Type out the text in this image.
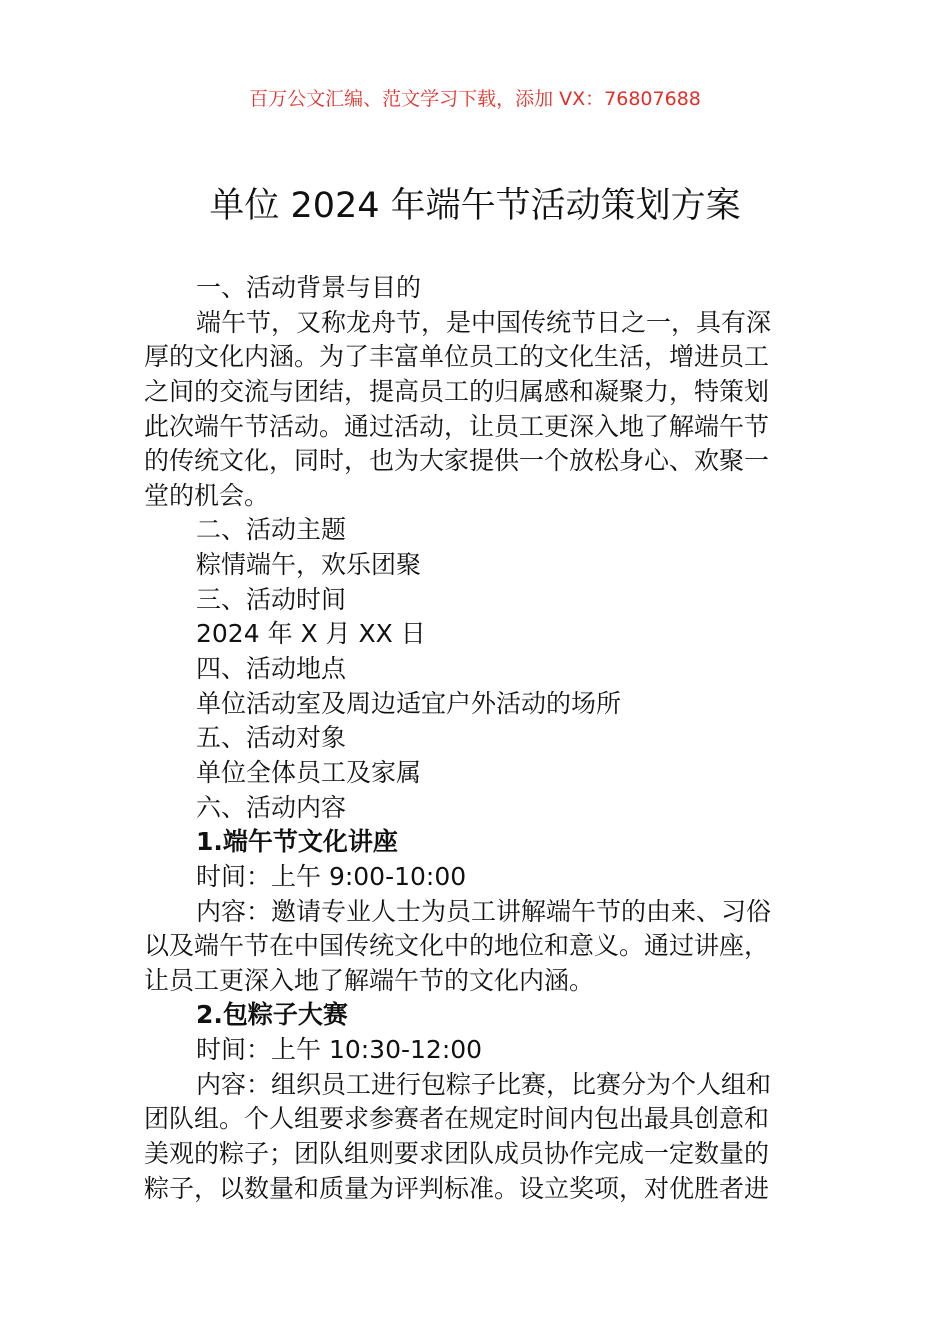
百万公文汇编、范文学习下载，添加 VX：76807688
单位 2024 年端午节活动策划方案
一、活动背景与目的
端午节，又称龙舟节，是中国传统节日之一，具有深
厚的文化内涵。为了丰富单位员工的文化生活，增进员工
之间的交流与团结，提高员工的归属感和凝聚力，特策划
此次端午节活动。通过活动，让员工更深入地了解端午节
的传统文化，同时，也为大家提供一个放松身心、欢聚一
堂的机会。
二、活动主题
粽情端午，欢乐团聚
三、活动时间
2024 年 X 月 XX 日
四、活动地点
单位活动室及周边适宜户外活动的场所
五、活动对象
单位全体员工及家属
六、活动内容
1.端午节文化讲座
时间：上午 9:00-10:00
内容：邀请专业人士为员工讲解端午节的由来、习俗
以及端午节在中国传统文化中的地位和意义。通过讲座，
让员工更深入地了解端午节的文化内涵。
2.包粽子大赛
时间：上午 10:30-12:00
内容：组织员工进行包粽子比赛，比赛分为个人组和
团队组。个人组要求参赛者在规定时间内包出最具创意和
美观的粽子；团队组则要求团队成员协作完成一定数量的
粽子，以数量和质量为评判标准。设立奖项，对优胜者进
